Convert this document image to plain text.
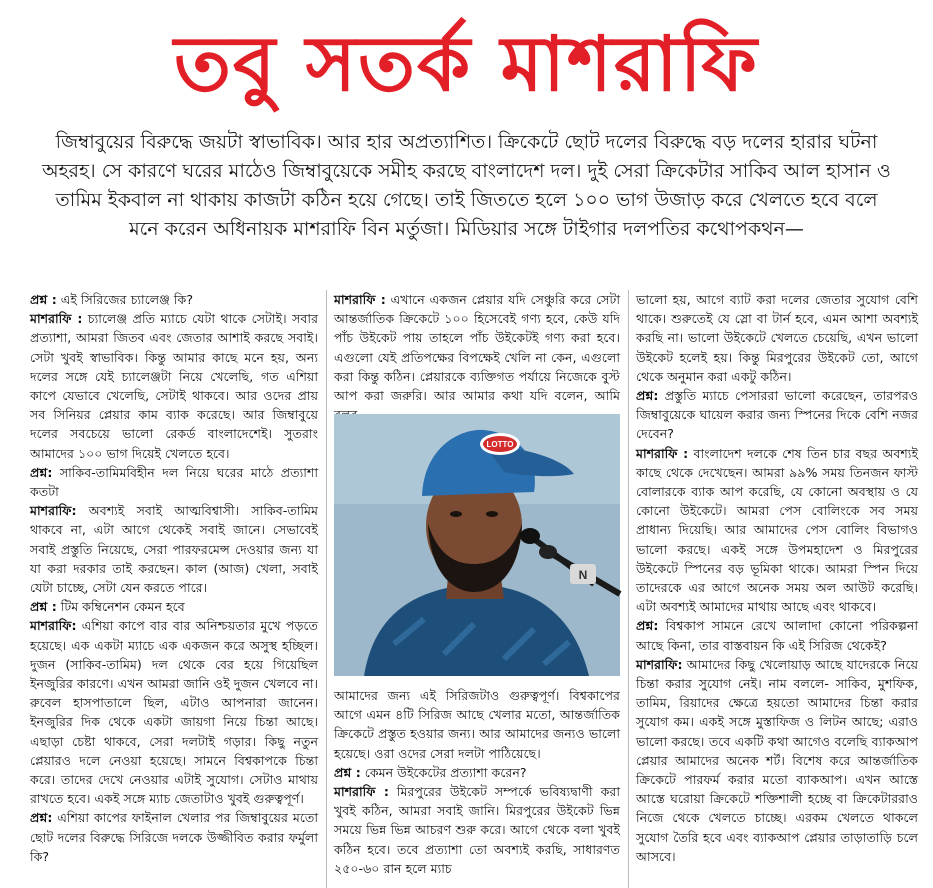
তবু সতর্ক মাশরাফি
জিম্বাবুয়ের বিরুদ্ধে জয়টা স্বাভাবিক। আর হার অপ্রত্যাশিত। ক্রিকেটে ছোট দলের বিরুদ্ধে বড় দলের হারার ঘটনা অহরহ। সে কারণে ঘরের মাঠেও জিম্বাবুয়েকে সমীহ করছে বাংলাদেশ দল। দুই সেরা ক্রিকেটার সাকিব আল হাসান ও তামিম ইকবাল না থাকায় কাজটা কঠিন হয়ে গেছে। তাই জিততে হলে ১০০ ভাগ উজাড় করে খেলতে হবে বলে মনে করেন অধিনায়ক মাশরাফি বিন মর্তুজা। মিডিয়ার সঙ্গে টাইগার দলপতির কথোপকথন—

প্রশ্ন : এই সিরিজের চ্যালেঞ্জ কি?

মাশরাফি : চ্যালেঞ্জ প্রতি ম্যাচে যেটা থাকে সেটাই। সবার প্রত্যাশা, আমরা জিতব এবং জেতার আশাই করছে সবাই। সেটা খুবই স্বাভাবিক। কিন্তু আমার কাছে মনে হয়, অন্য দলের সঙ্গে যেই চ্যালেঞ্জটা নিয়ে খেলেছি, গত এশিয়া কাপে যেভাবে খেলেছি, সেটাই থাকবে। আর ওদের প্রায় সব সিনিয়র প্লেয়ার কাম ব্যাক করেছে। আর জিম্বাবুয়ে দলের সবচেয়ে ভালো রেকর্ড বাংলাদেশেই। সুতরাং আমাদের ১০০ ভাগ দিয়েই খেলতে হবে।

প্রশ্ন: সাকিব-তামিমবিহীন দল নিয়ে ঘরের মাঠে প্রত্যাশা কতটা

মাশরাফি: অবশ্যই সবাই আত্মবিশ্বাসী। সাকিব-তামিম থাকবে না, এটা আগে থেকেই সবাই জানে। সেভাবেই সবাই প্রস্তুতি নিয়েছে, সেরা পারফরমেন্স দেওয়ার জন্য যা যা করা দরকার তাই করছেন। কাল (আজ) খেলা, সবাই যেটা চাচ্ছে, সেটা যেন করতে পারে।

প্রশ্ন : টিম কম্বিনেশন কেমন হবে

মাশরাফি: এশিয়া কাপে বার বার অনিশ্চয়তার মুখে পড়তে হয়েছে। এক একটা ম্যাচে এক একজন করে অসুস্থ হচ্ছিল। দুজন (সাকিব-তামিম) দল থেকে বের হয়ে গিয়েছিল ইনজুরির কারণে। এখন আমরা জানি ওই দুজন খেলবে না। রুবেল হাসপাতালে ছিল, এটাও আপনারা জানেন। ইনজুরির দিক থেকে একটা জায়গা নিয়ে চিন্তা আছে। এছাড়া চেষ্টা থাকবে, সেরা দলটাই গড়ার। কিছু নতুন প্লেয়ারও দলে নেওয়া হয়েছে। সামনে বিশ্বকাপকে চিন্তা করে। তাদের দেখে নেওয়ার এটাই সুযোগ। সেটাও মাথায় রাখতে হবে। একই সঙ্গে ম্যাচ জেতাটাও খুবই গুরুত্বপূর্ণ।

প্রশ্ন: এশিয়া কাপের ফাইনাল খেলার পর জিম্বাবুয়ের মতো ছোট দলের বিরুদ্ধে সিরিজে দলকে উজ্জীবিত করার ফর্মুলা কি?

মাশরাফি : এখানে একজন প্লেয়ার যদি সেঞ্চুরি করে সেটা আন্তর্জাতিক ক্রিকেটে ১০০ হিসেবেই গণ্য হবে, কেউ যদি পাঁচ উইকেট পায় তাহলে পাঁচ উইকেটই গণ্য করা হবে। এগুলো যেই প্রতিপক্ষের বিপক্ষেই খেলি না কেন, এগুলো করা কিন্তু কঠিন। প্লেয়ারকে ব্যক্তিগত পর্যায়ে নিজেকে বুস্ট আপ করা জরুরি। আর আমার কথা যদি বলেন, আমি

আমাদের জন্য এই সিরিজটাও গুরুত্বপূর্ণ। বিশ্বকাপের আগে এমন ৪টি সিরিজ আছে খেলার মতো, আন্তর্জাতিক ক্রিকেটে প্রস্তুত হওয়ার জন্য। আর আমাদের জন্যও ভালো হয়েছে। ওরা ওদের সেরা দলটা পাঠিয়েছে।

প্রশ্ন : কেমন উইকেটের প্রত্যাশা করেন?

মাশরাফি : মিরপুরের উইকেট সম্পর্কে ভবিষ্যদ্বাণী করা খুবই কঠিন, আমরা সবাই জানি। মিরপুরের উইকেট ভিন্ন সময়ে ভিন্ন ভিন্ন আচরণ শুরু করে। আগে থেকে বলা খুবই কঠিন হবে। তবে প্রত্যাশা তো অবশ্যই করছি, সাধারণত ২৫০-৬০ রান হলে ম্যাচ

LOTTO
N

ভালো হয়, আগে ব্যাট করা দলের জেতার সুযোগ বেশি থাকে। শুরুতেই যে স্লো বা টার্ন হবে, এমন আশা অবশ্যই করছি না। ভালো উইকেটে খেলতে চেয়েছি, এখন ভালো উইকেট হলেই হয়। কিন্তু মিরপুরের উইকেট তো, আগে থেকে অনুমান করা একটু কঠিন।

প্রশ্ন: প্রস্তুতি ম্যাচে পেসাররা ভালো করেছেন, তারপরও জিম্বাবুয়েকে ঘায়েল করার জন্য স্পিনের দিকে বেশি নজর দেবেন?

মাশরাফি : বাংলাদেশ দলকে শেষ তিন চার বছর অবশ্যই কাছে থেকে দেখেছেন। আমরা ৯৯% সময় তিনজন ফাস্ট বোলারকে ব্যাক আপ করেছি, যে কোনো অবস্থায় ও যে কোনো উইকেটে। আমরা পেস বোলিংকে সব সময় প্রাধান্য দিয়েছি। আর আমাদের পেস বোলিং বিভাগও ভালো করছে। একই সঙ্গে উপমহাদেশ ও মিরপুরের উইকেটে স্পিনের বড় ভূমিকা থাকে। আমরা স্পিন দিয়ে তাদেরকে এর আগে অনেক সময় অল আউট করেছি। এটা অবশ্যই আমাদের মাথায় আছে এবং থাকবে।

প্রশ্ন: বিশ্বকাপ সামনে রেখে আলাদা কোনো পরিকল্পনা আছে কিনা, তার বাস্তবায়ন কি এই সিরিজ থেকেই?

মাশরাফি: আমাদের কিছু খেলোয়াড় আছে যাদেরকে নিয়ে চিন্তা করার সুযোগ নেই। নাম বললে- সাকিব, মুশফিক, তামিম, রিয়াদের ক্ষেত্রে হয়তো আমাদের চিন্তা করার সুযোগ কম। একই সঙ্গে মুস্তাফিজ ও লিটন আছে; এরাও ভালো করছে। তবে একটি কথা আগেও বলেছি ব্যাকআপ প্লেয়ার আমাদের অনেক শর্ট। বিশেষ করে আন্তর্জাতিক ক্রিকেটে পারফর্ম করার মতো ব্যাকআপ। এখন আস্তে আস্তে ঘরোয়া ক্রিকেটে শক্তিশালী হচ্ছে বা ক্রিকেটাররাও নিজে থেকে খেলতে চাচ্ছে। এরকম খেলতে থাকলে সুযোগ তৈরি হবে এবং ব্যাকআপ প্লেয়ার তাড়াতাড়ি চলে আসবে।
